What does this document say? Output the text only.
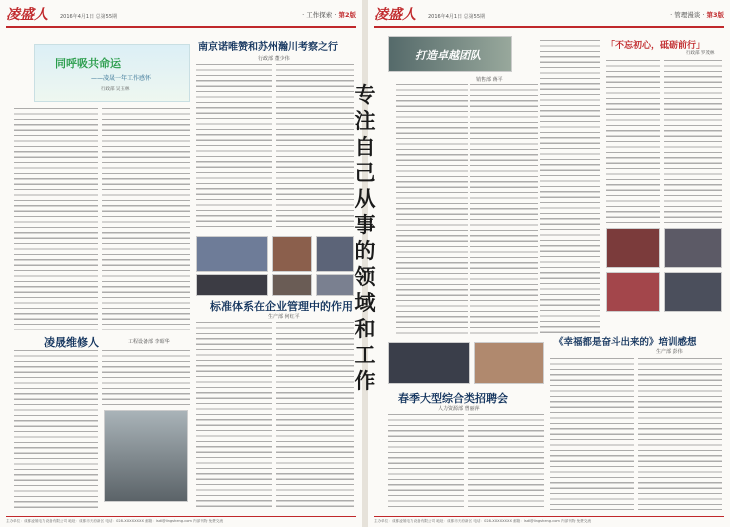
凌盛人 2016年4月1日 总第55期	· 工作探索 · 第2版
同呼吸共命运
——凌晟一年工作感怀
行政部 吴玉林
南京诺唯赞和苏州瀚川考察之行
行政部 董少伟
标准体系在企业管理中的作用
生产部 何红平
凌晟维修人	工程设备部 李昭华
主办单位：成都凌晟电力设备有限公司 地址：成都市天府新区 电话：028-XXXXXXXX 邮箱：lsdl@lingsheng.com 内部刊物 免费交流
凌盛人 2016年4月1日 总第55期	· 管理漫谈 · 第3版
打造卓越团队
销售部 蒋平
「不忘初心，砥砺前行」
行政部 罗茂林
《幸福都是奋斗出来的》培训感想
生产部 彭伟
春季大型综合类招聘会
人力资源部 曾丽萍
主办单位：成都凌晟电力设备有限公司 地址：成都市天府新区 电话：028-XXXXXXXX 邮箱：lsdl@lingsheng.com 内部刊物 免费交流
专
注
自
己
从
事
的
领
域
和
工
作
